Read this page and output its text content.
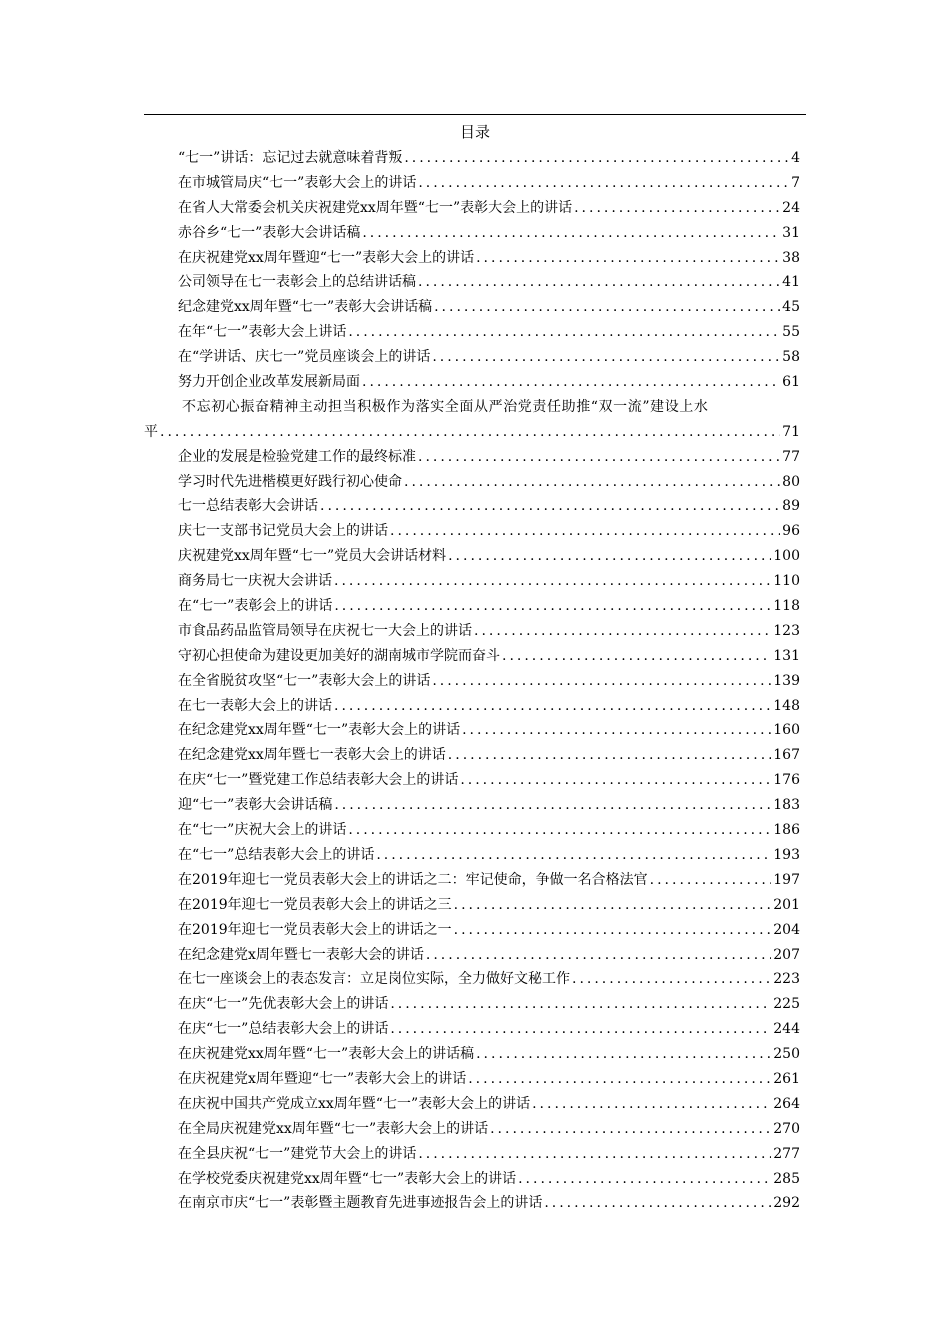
目录
“七一”讲话：忘记过去就意味着背叛 .....	4
在市城管局庆“七一”表彰大会上的讲话 .....	7
在省人大常委会机关庆祝建党xx周年暨“七一”表彰大会上的讲话 .....	24
赤谷乡“七一”表彰大会讲话稿 .....	31
在庆祝建党xx周年暨迎“七一”表彰大会上的讲话 .....	38
公司领导在七一表彰会上的总结讲话稿 .....	41
纪念建党xx周年暨“七一”表彰大会讲话稿 .....	45
在年“七一”表彰大会上讲话 .....	55
在“学讲话、庆七一”党员座谈会上的讲话 .....	58
努力开创企业改革发展新局面 .....	61
不忘初心振奋精神主动担当积极作为落实全面从严治党责任助推“双一流”建设上水
平 .....	71
企业的发展是检验党建工作的最终标准 .....	77
学习时代先进楷模更好践行初心使命 .....	80
七一总结表彰大会讲话 .....	89
庆七一支部书记党员大会上的讲话 .....	96
庆祝建党xx周年暨“七一”党员大会讲话材料 .....	100
商务局七一庆祝大会讲话 .....	110
在“七一”表彰会上的讲话 .....	118
市食品药品监管局领导在庆祝七一大会上的讲话 .....	123
守初心担使命为建设更加美好的湖南城市学院而奋斗 .....	131
在全省脱贫攻坚“七一”表彰大会上的讲话 .....	139
在七一表彰大会上的讲话 .....	148
在纪念建党xx周年暨“七一”表彰大会上的讲话 .....	160
在纪念建党xx周年暨七一表彰大会上的讲话 .....	167
在庆“七一”暨党建工作总结表彰大会上的讲话 .....	176
迎“七一”表彰大会讲话稿 .....	183
在“七一”庆祝大会上的讲话 .....	186
在“七一”总结表彰大会上的讲话 .....	193
在2019年迎七一党员表彰大会上的讲话之二：牢记使命，争做一名合格法官 .....	197
在2019年迎七一党员表彰大会上的讲话之三 .....	201
在2019年迎七一党员表彰大会上的讲话之一 .....	204
在纪念建党x周年暨七一表彰大会的讲话 .....	207
在七一座谈会上的表态发言：立足岗位实际，全力做好文秘工作 .....	223
在庆“七一”先优表彰大会上的讲话 .....	225
在庆“七一”总结表彰大会上的讲话 .....	244
在庆祝建党xx周年暨“七一”表彰大会上的讲话稿 .....	250
在庆祝建党x周年暨迎“七一”表彰大会上的讲话 .....	261
在庆祝中国共产党成立xx周年暨“七一”表彰大会上的讲话 .....	264
在全局庆祝建党xx周年暨“七一”表彰大会上的讲话 .....	270
在全县庆祝“七一”建党节大会上的讲话 .....	277
在学校党委庆祝建党xx周年暨“七一”表彰大会上的讲话 .....	285
在南京市庆“七一”表彰暨主题教育先进事迹报告会上的讲话 .....	292
